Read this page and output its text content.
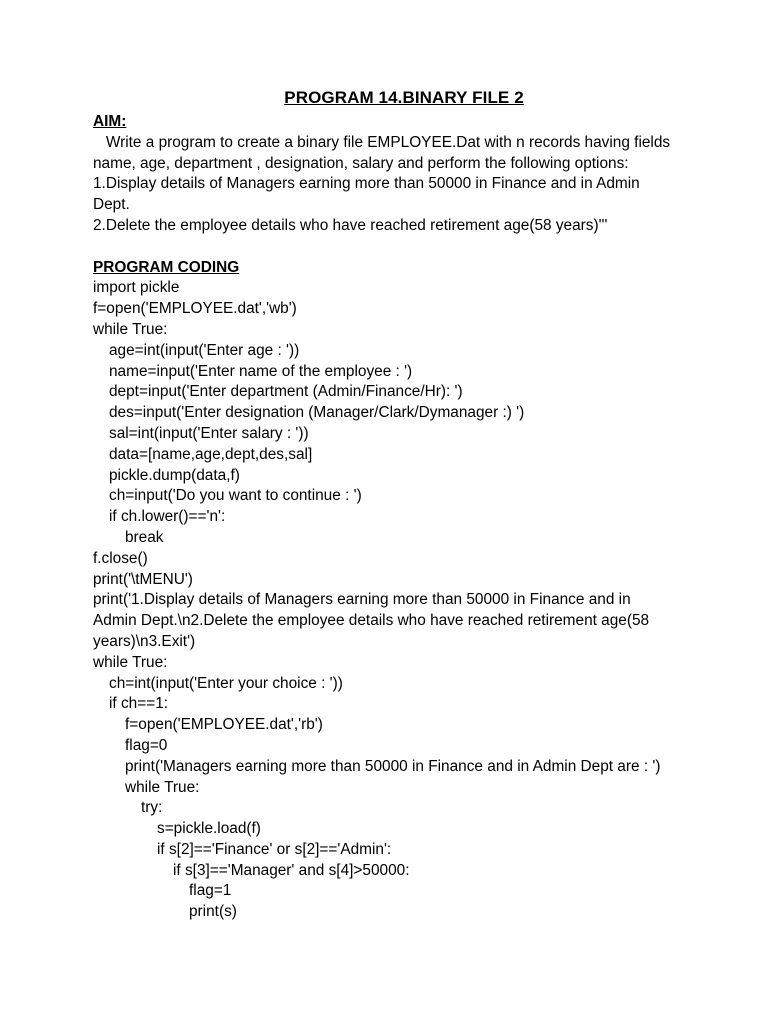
PROGRAM 14.BINARY FILE 2
AIM:
Write a program to create a binary file EMPLOYEE.Dat with n records having fields
name, age, department , designation, salary and perform the following options:
1.Display details of Managers earning more than 50000 in Finance and in Admin
Dept.
2.Delete the employee details who have reached retirement age(58 years)'''
PROGRAM CODING
import pickle
f=open('EMPLOYEE.dat','wb')
while True:
age=int(input('Enter age : '))
name=input('Enter name of the employee : ')
dept=input('Enter department (Admin/Finance/Hr): ')
des=input('Enter designation (Manager/Clark/Dymanager :) ')
sal=int(input('Enter salary : '))
data=[name,age,dept,des,sal]
pickle.dump(data,f)
ch=input('Do you want to continue : ')
if ch.lower()=='n':
break
f.close()
print('\tMENU')
print('1.Display details of Managers earning more than 50000 in Finance and in
Admin Dept.\n2.Delete the employee details who have reached retirement age(58
years)\n3.Exit')
while True:
ch=int(input('Enter your choice : '))
if ch==1:
f=open('EMPLOYEE.dat','rb')
flag=0
print('Managers earning more than 50000 in Finance and in Admin Dept are : ')
while True:
try:
s=pickle.load(f)
if s[2]=='Finance' or s[2]=='Admin':
if s[3]=='Manager' and s[4]>50000:
flag=1
print(s)
